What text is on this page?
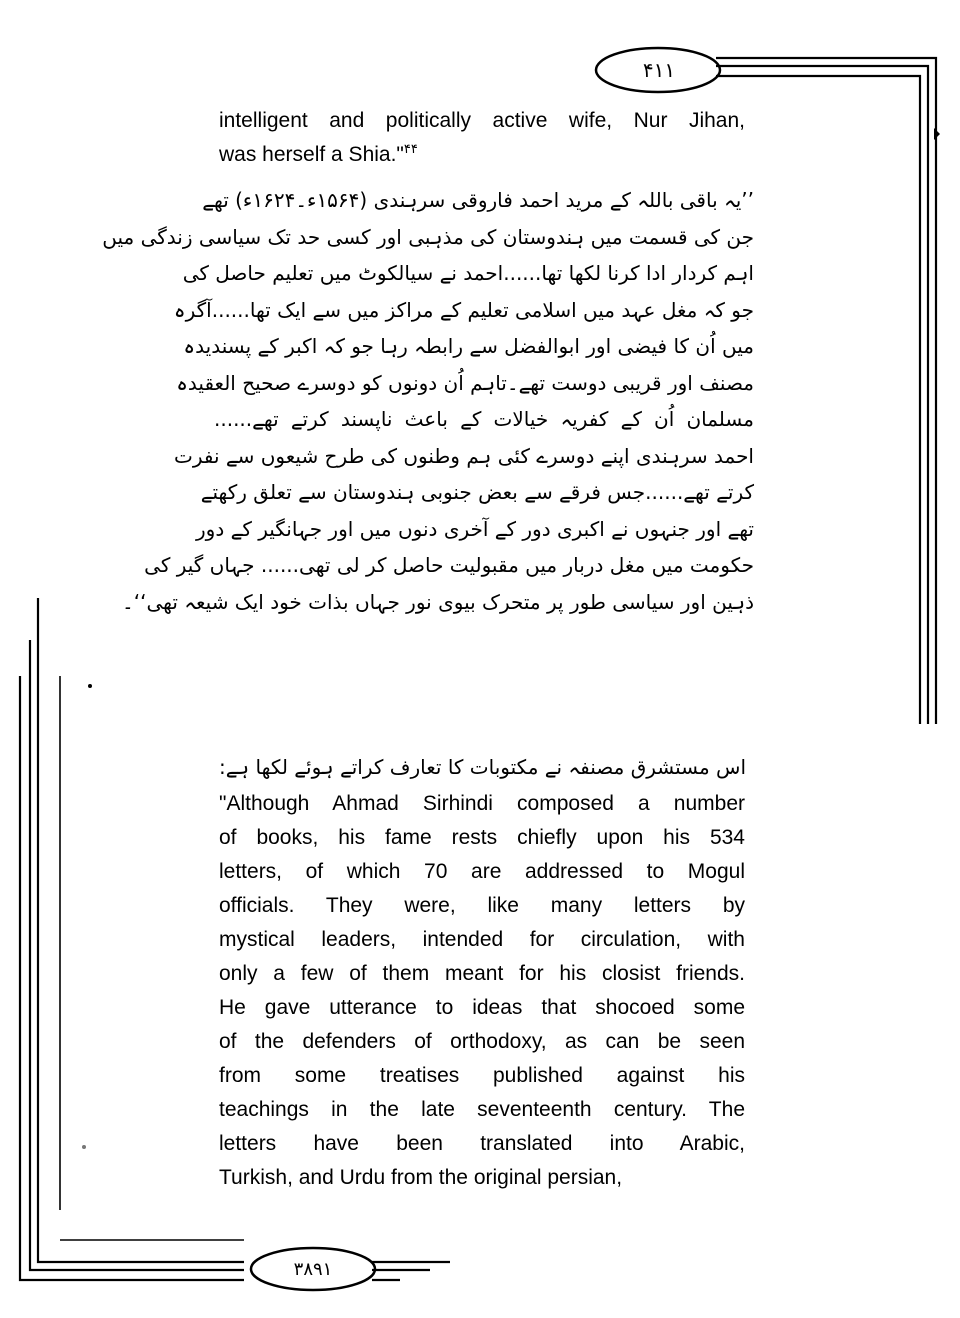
۴۱۱
۳۸۹۱
intelligent and politically active wife, Nur Jihan,
was herself a Shia."$^{۴۴}$
’’یہ باقی باللہ کے مرید احمد فاروقی سرہندی (۱۵۶۴ء۔۱۶۲۴ء) تھے
جن کی قسمت میں ہندوستان کی مذہبی اور کسی حد تک سیاسی زندگی میں
اہم کردار ادا کرنا لکھا تھا......احمد نے سیالکوٹ میں تعلیم حاصل کی
جو کہ مغل عہد میں اسلامی تعلیم کے مراکز میں سے ایک تھا......آگرہ
میں اُن کا فیضی اور ابوالفضل سے رابطہ رہا جو کہ اکبر کے پسندیدہ
مصنف اور قریبی دوست تھے۔تاہم اُن دونوں کو دوسرے صحیح العقیدہ
مسلمان اُن کے کفریہ خیالات کے باعث ناپسند کرتے تھے......
احمد سرہندی اپنے دوسرے کئی ہم وطنوں کی طرح شیعوں سے نفرت
کرتے تھے......جس فرقے سے بعض جنوبی ہندوستان سے تعلق رکھتے
تھے اور جنہوں نے اکبری دور کے آخری دنوں میں اور جہانگیر کے دور
حکومت میں مغل دربار میں مقبولیت حاصل کر لی تھی...... جہاں گیر کی
ذہین اور سیاسی طور پر متحرک بیوی نور جہاں بذات خود ایک شیعہ تھی‘‘۔
اس مستشرق مصنفہ نے مکتوبات کا تعارف کراتے ہوئے لکھا ہے:
"Although Ahmad Sirhindi composed a number
of books, his fame rests chiefly upon his 534
letters, of which 70 are addressed to Mogul
officials. They were, like many letters by
mystical leaders, intended for circulation, with
only a few of them meant for his closist friends.
He gave utterance to ideas that shocoed some
of the defenders of orthodoxy, as can be seen
from some treatises published against his
teachings in the late seventeenth century. The
letters have been translated into Arabic,
Turkish, and Urdu from the original persian,
